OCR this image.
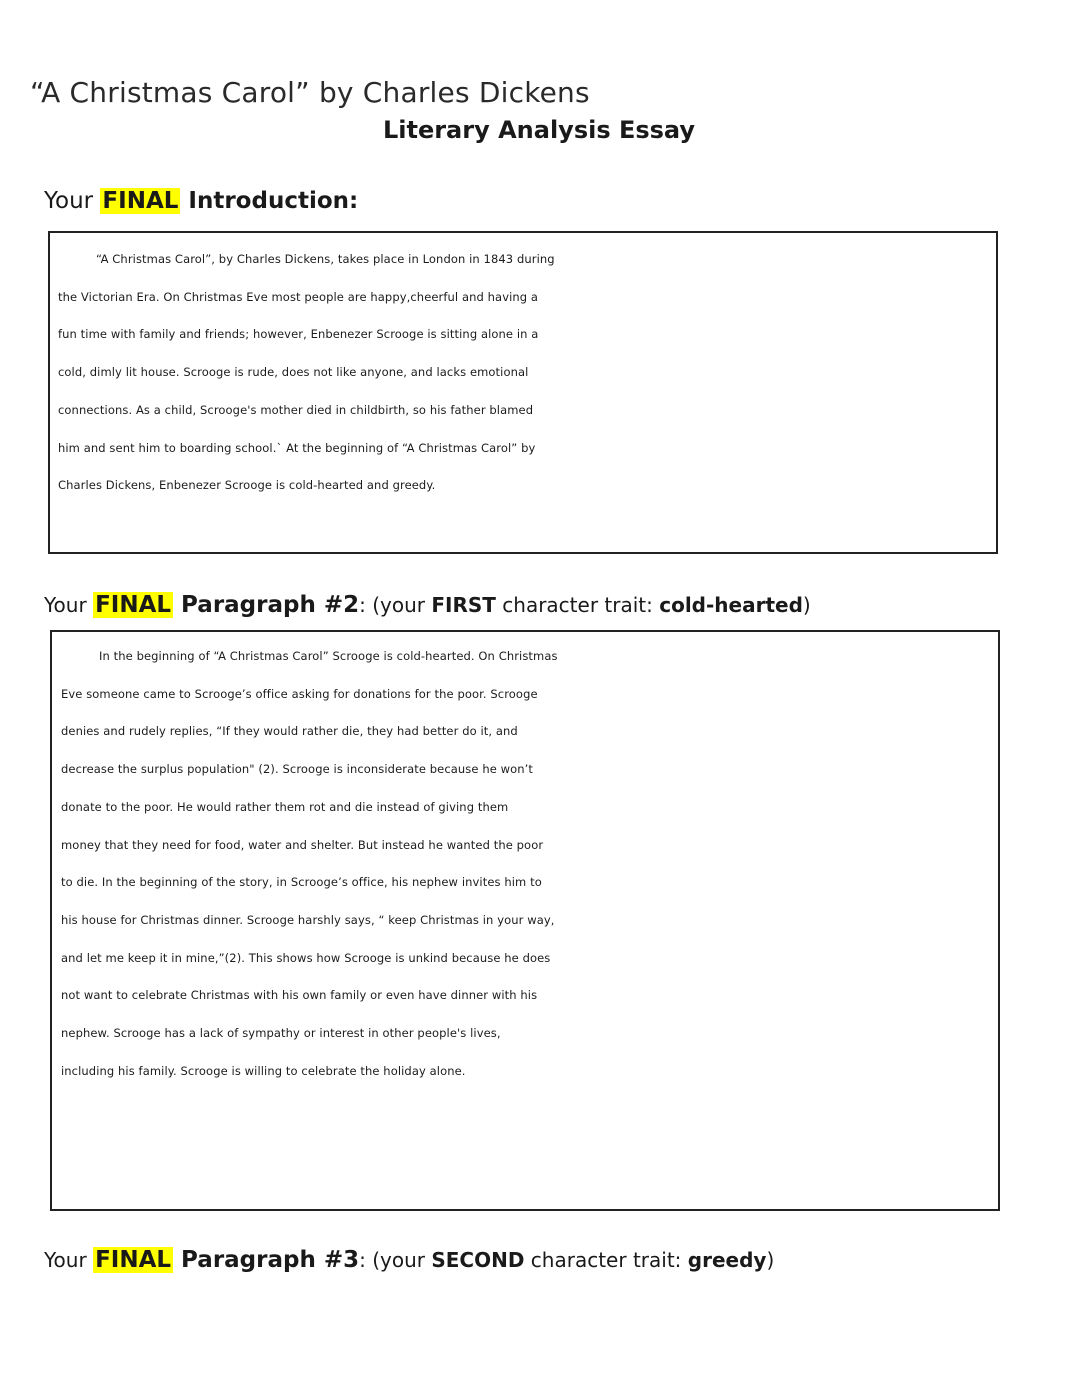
“A Christmas Carol” by Charles Dickens
Literary Analysis Essay
Your FINAL Introduction:
“A Christmas Carol”, by Charles Dickens, takes place in London in 1843 during
the Victorian Era. On Christmas Eve most people are happy,cheerful and having a
fun time with family and friends; however, Enbenezer Scrooge is sitting alone in a
cold, dimly lit house. Scrooge is rude, does not like anyone, and lacks emotional
connections. As a child, Scrooge's mother died in childbirth, so his father blamed
him and sent him to boarding school.` At the beginning of “A Christmas Carol” by
Charles Dickens, Enbenezer Scrooge is cold-hearted and greedy.
Your FINAL Paragraph #2: (your FIRST character trait: cold-hearted)
In the beginning of “A Christmas Carol” Scrooge is cold-hearted. On Christmas
Eve someone came to Scrooge’s office asking for donations for the poor. Scrooge
denies and rudely replies, “If they would rather die, they had better do it, and
decrease the surplus population" (2). Scrooge is inconsiderate because he won’t
donate to the poor. He would rather them rot and die instead of giving them
money that they need for food, water and shelter. But instead he wanted the poor
to die. In the beginning of the story, in Scrooge’s office, his nephew invites him to
his house for Christmas dinner. Scrooge harshly says, “ keep Christmas in your way,
and let me keep it in mine,”(2). This shows how Scrooge is unkind because he does
not want to celebrate Christmas with his own family or even have dinner with his
nephew. Scrooge has a lack of sympathy or interest in other people's lives,
including his family. Scrooge is willing to celebrate the holiday alone.
Your FINAL Paragraph #3: (your SECOND character trait: greedy)
